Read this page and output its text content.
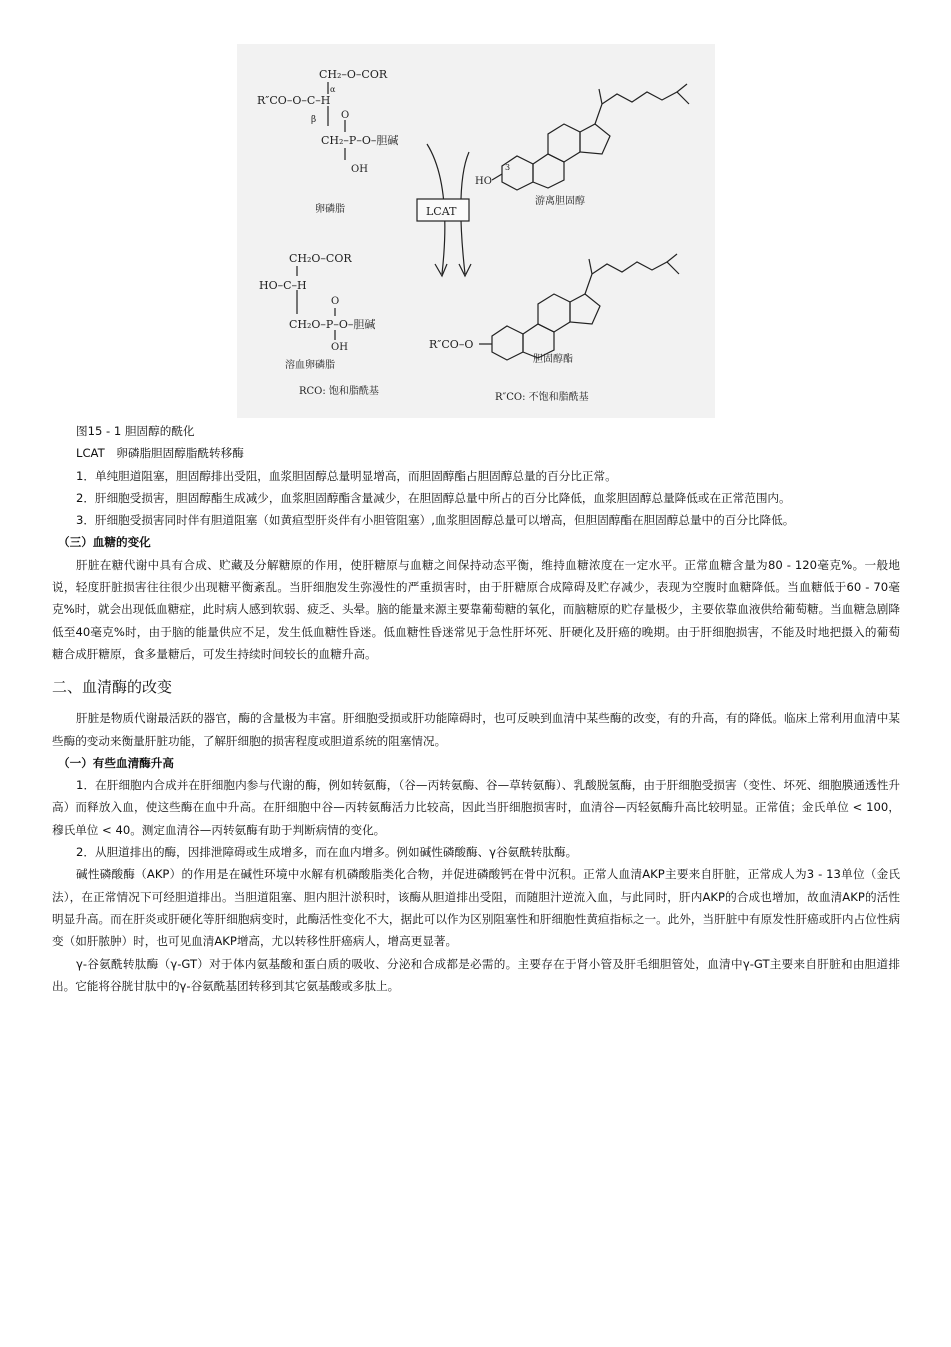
CH₂–O–COR
α
R″CO–O–C–H
β O
CH₂–P–O–胆碱
OH
卵磷脂	LCAT
HO
3
游离胆固醇
CH₂O–COR
HO–C–H
O
CH₂O–P–O–胆碱
OH
溶血卵磷脂
R″CO–O
胆固醇酯
RCO: 饱和脂酰基
R″CO: 不饱和脂酰基

图15 - 1 胆固醇的酰化

LCAT　卵磷脂胆固醇脂酰转移酶

1．单纯胆道阻塞，胆固醇排出受阻，血浆胆固醇总量明显增高，而胆固醇酯占胆固醇总量的百分比正常。

2．肝细胞受损害，胆固醇酯生成减少，血浆胆固醇酯含量减少，在胆固醇总量中所占的百分比降低，血浆胆固醇总量降低或在正常范围内。

3．肝细胞受损害同时伴有胆道阻塞（如黄疸型肝炎伴有小胆管阻塞）,血浆胆固醇总量可以增高，但胆固醇酯在胆固醇总量中的百分比降低。

（三）血糖的变化

肝脏在糖代谢中具有合成、贮藏及分解糖原的作用，使肝糖原与血糖之间保持动态平衡，维持血糖浓度在一定水平。正常血糖含量为80 - 120毫克%。一般地说，轻度肝脏损害往往很少出现糖平衡紊乱。当肝细胞发生弥漫性的严重损害时，由于肝糖原合成障碍及贮存减少，表现为空腹时血糖降低。当血糖低于60 - 70毫克%时，就会出现低血糖症，此时病人感到软弱、疲乏、头晕。脑的能量来源主要靠葡萄糖的氧化，而脑糖原的贮存量极少，主要依靠血液供给葡萄糖。当血糖急剧降低至40毫克%时，由于脑的能量供应不足，发生低血糖性昏迷。低血糖性昏迷常见于急性肝坏死、肝硬化及肝癌的晚期。由于肝细胞损害，不能及时地把摄入的葡萄糖合成肝糖原，食多量糖后，可发生持续时间较长的血糖升高。

二、血清酶的改变

肝脏是物质代谢最活跃的器官，酶的含量极为丰富。肝细胞受损或肝功能障碍时，也可反映到血清中某些酶的改变，有的升高，有的降低。临床上常利用血清中某些酶的变动来衡量肝脏功能，了解肝细胞的损害程度或胆道系统的阻塞情况。

（一）有些血清酶升高

1．在肝细胞内合成并在肝细胞内参与代谢的酶，例如转氨酶，（谷—丙转氨酶、谷—草转氨酶）、乳酸脱氢酶，由于肝细胞受损害（变性、坏死、细胞膜通透性升高）而释放入血，使这些酶在血中升高。在肝细胞中谷—丙转氨酶活力比较高，因此当肝细胞损害时，血清谷—丙轻氨酶升高比较明显。正常值；金氏单位 < 100，穆氏单位 < 40。测定血清谷—丙转氨酶有助于判断病情的变化。

2．从胆道排出的酶，因排泄障碍或生成增多，而在血内增多。例如碱性磷酸酶、γ谷氨酰转肽酶。

碱性磷酸酶（AKP）的作用是在碱性环境中水解有机磷酸脂类化合物，并促进磷酸钙在骨中沉积。正常人血清AKP主要来自肝脏，正常成人为3 - 13单位（金氏法），在正常情况下可经胆道排出。当胆道阻塞、胆内胆汁淤积时，该酶从胆道排出受阻，而随胆汁逆流入血，与此同时，肝内AKP的合成也增加，故血清AKP的活性明显升高。而在肝炎或肝硬化等肝细胞病变时，此酶活性变化不大，据此可以作为区别阻塞性和肝细胞性黄疸指标之一。此外，当肝脏中有原发性肝癌或肝内占位性病变（如肝脓肿）时，也可见血清AKP增高，尤以转移性肝癌病人，增高更显著。

γ-谷氨酰转肽酶（γ-GT）对于体内氨基酸和蛋白质的吸收、分泌和合成都是必需的。主要存在于肾小管及肝毛细胆管处，血清中γ-GT主要来自肝脏和由胆道排出。它能将谷胱甘肽中的γ-谷氨酰基团转移到其它氨基酸或多肽上。
